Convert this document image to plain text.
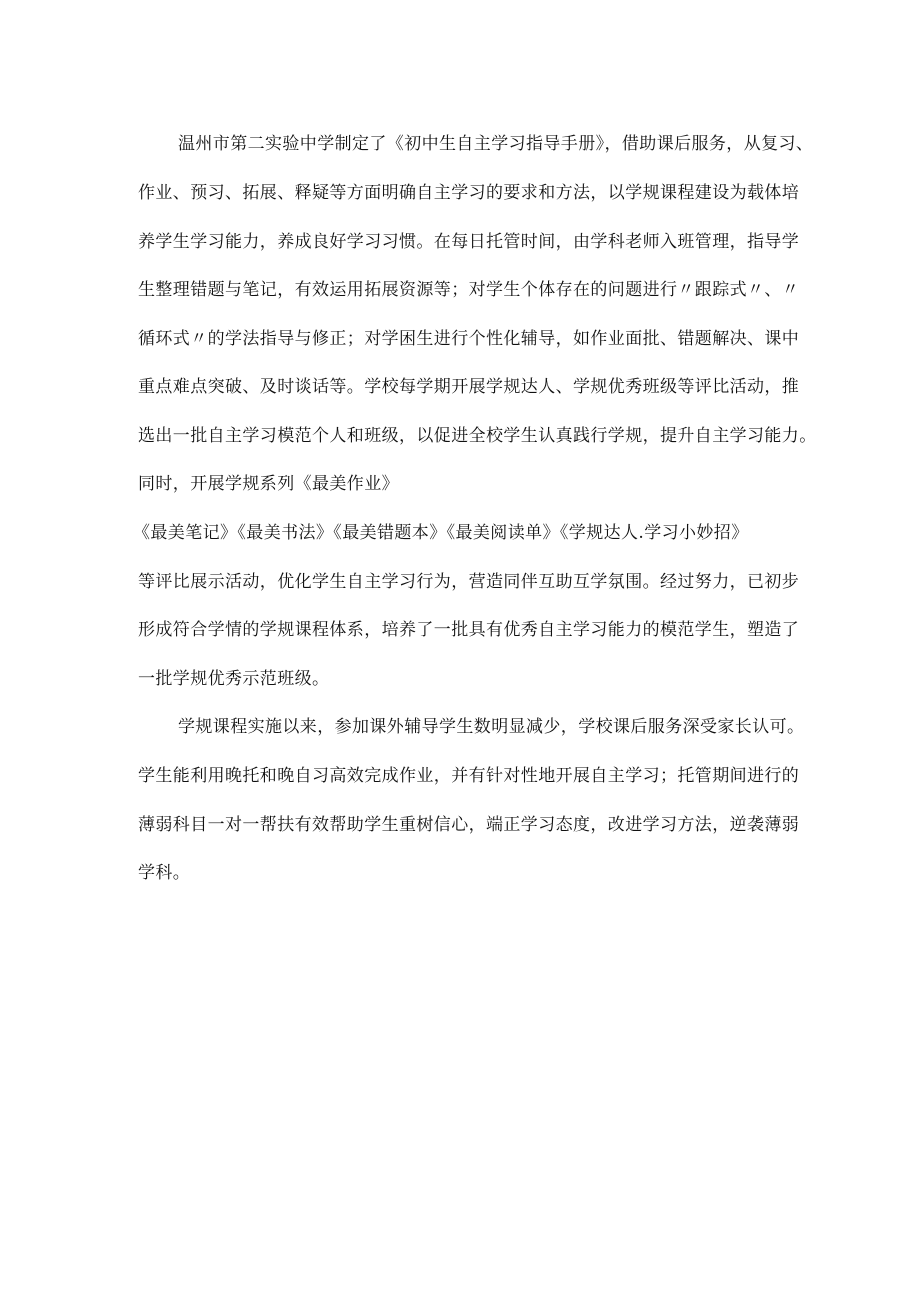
温州市第二实验中学制定了《初中生自主学习指导手册》，借助课后服务，从复习、
作业、预习、拓展、释疑等方面明确自主学习的要求和方法，以学规课程建设为载体培
养学生学习能力，养成良好学习习惯。在每日托管时间，由学科老师入班管理，指导学
生整理错题与笔记，有效运用拓展资源等；对学生个体存在的问题进行〃跟踪式〃、〃
循环式〃的学法指导与修正；对学困生进行个性化辅导，如作业面批、错题解决、课中
重点难点突破、及时谈话等。学校每学期开展学规达人、学规优秀班级等评比活动，推
选出一批自主学习模范个人和班级，以促进全校学生认真践行学规，提升自主学习能力。
同时，开展学规系列《最美作业》
《最美笔记》《最美书法》《最美错题本》《最美阅读单》《学规达人.学习小妙招》
等评比展示活动，优化学生自主学习行为，营造同伴互助互学氛围。经过努力，已初步
形成符合学情的学规课程体系，培养了一批具有优秀自主学习能力的模范学生，塑造了
一批学规优秀示范班级。
学规课程实施以来，参加课外辅导学生数明显减少，学校课后服务深受家长认可。
学生能利用晚托和晚自习高效完成作业，并有针对性地开展自主学习；托管期间进行的
薄弱科目一对一帮扶有效帮助学生重树信心，端正学习态度，改进学习方法，逆袭薄弱
学科。
